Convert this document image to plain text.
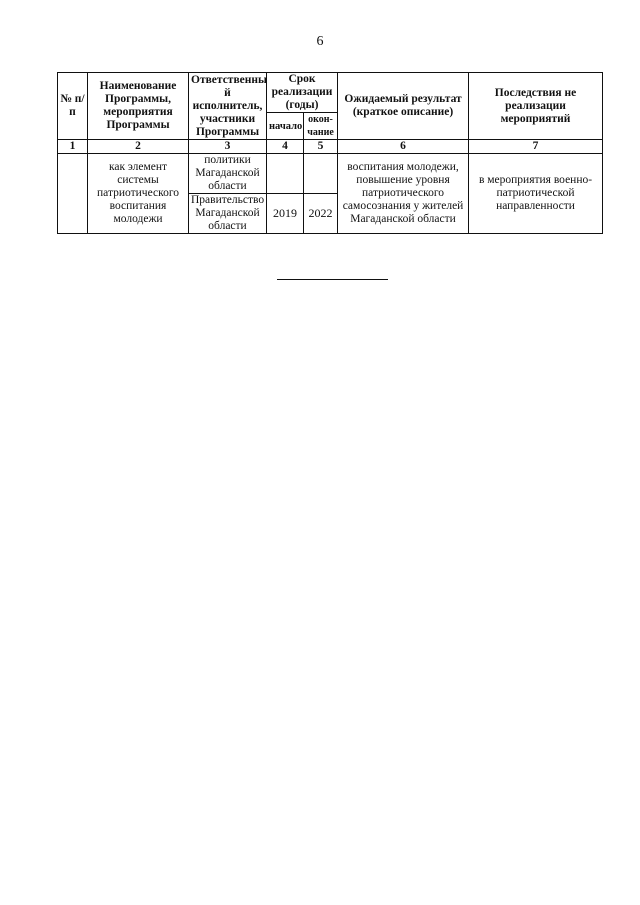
6
№ п/п	Наименование Программы, мероприятия Программы	Ответственны й исполнитель, участники Программы	Срок реализации (годы)		Ожидаемый результат (краткое описание)	Последствия не реализации мероприятий
			начало	окон-чание		
1	2	3	4	5	6	7
	как элемент системы патриотического воспитания молодежи	политики Магаданской области			воспитания молодежи, повышение уровня патриотического самосознания у жителей Магаданской области	в мероприятия военно-патриотической направленности
		Правительство Магаданской области	2019	2022		
